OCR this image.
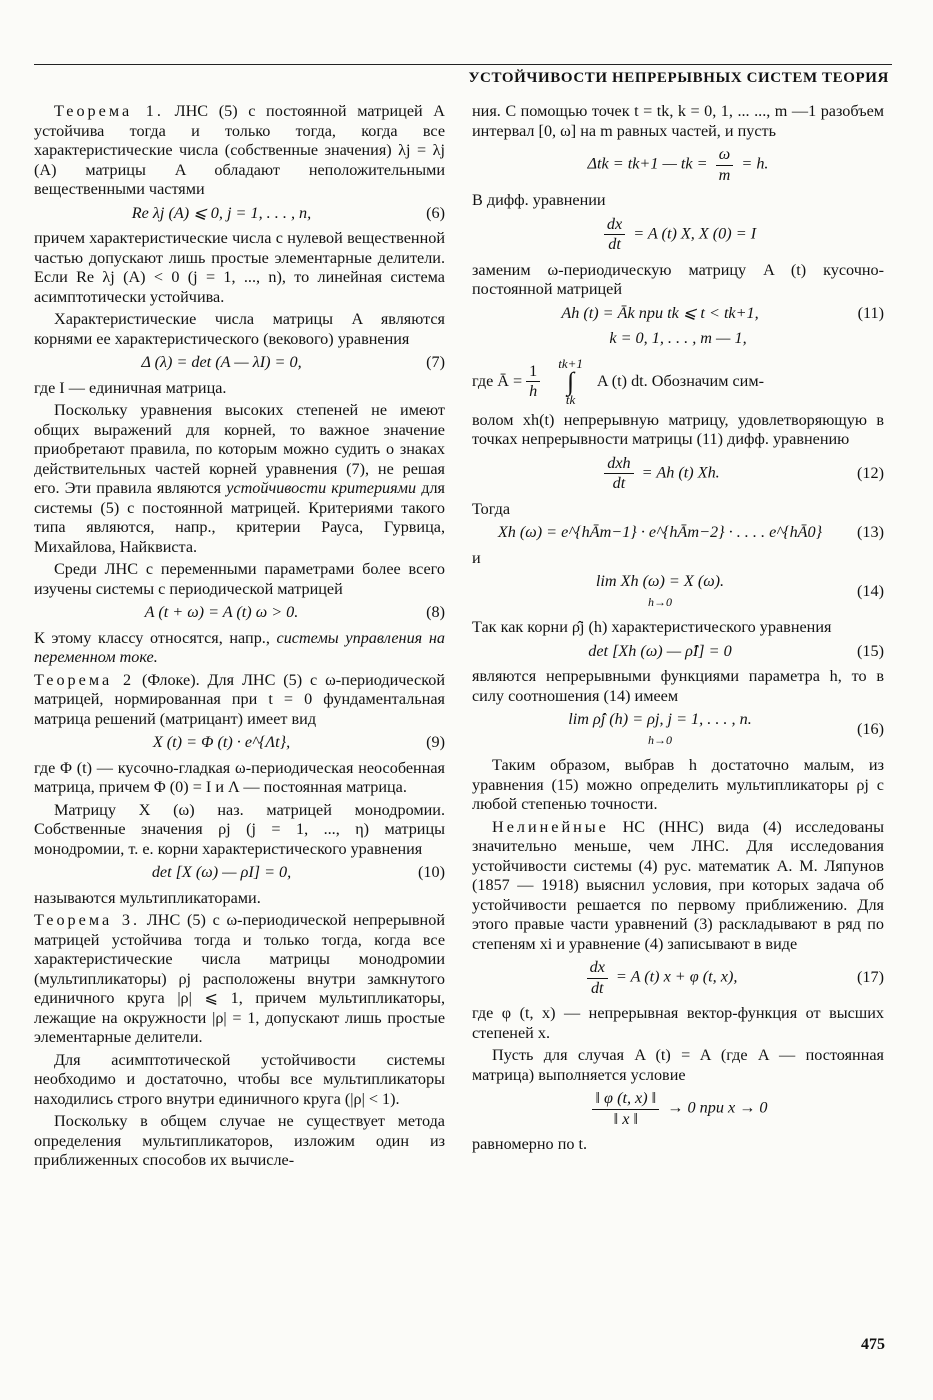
УСТОЙЧИВОСТИ НЕПРЕРЫВНЫХ СИСТЕМ ТЕОРИЯ

Теорема 1. ЛНС (5) с постоянной матрицей A устойчива тогда и только тогда, когда все характеристические числа (собственные значения) λj = λj (A) матрицы A обладают неположительными вещественными частями

Re λj (A) ⩽ 0, j = 1, . . . , n,	(6)

причем характеристические числа с нулевой вещественной частью допускают лишь простые элементарные делители. Если Re λj (A) < 0 (j = 1, ..., n), то линейная система асимптотически устойчива.

Характеристические числа матрицы A являются корнями ее характеристического (векового) уравнения

Δ (λ) = det (A — λI) = 0,	(7)

где I — единичная матрица.

Поскольку уравнения высоких степеней не имеют общих выражений для корней, то важное значение приобретают правила, по которым можно судить о знаках действительных частей корней уравнения (7), не решая его. Эти правила являются устойчивости критериями для системы (5) с постоянной матрицей. Критериями такого типа являются, напр., критерии Рауса, Гурвица, Михайлова, Найквиста.

Среди ЛНС с переменными параметрами более всего изучены системы с периодической матрицей

A (t + ω) = A (t) ω > 0.	(8)

К этому классу относятся, напр., системы управления на переменном токе.

Теорема 2 (Флоке). Для ЛНС (5) с ω-периодической матрицей, нормированная при t = 0 фундаментальная матрица решений (матрицант) имеет вид

X (t) = Φ (t) · e^{Λt},	(9)

где Φ (t) — кусочно-гладкая ω-периодическая неособенная матрица, причем Φ (0) = I и Λ — постоянная матрица.

Матрицу X (ω) наз. матрицей монодромии. Собственные значения ρj (j = 1, ..., η) матрицы монодромии, т. е. корни характеристического уравнения

det [X (ω) — ρI] = 0,	(10)

называются мультипликаторами.

Теорема 3. ЛНС (5) с ω-периодической непрерывной матрицей устойчива тогда и только тогда, когда все характеристические числа матрицы монодромии (мультипликаторы) ρj расположены внутри замкнутого единичного круга |ρ| ⩽ 1, причем мультипликаторы, лежащие на окружности |ρ| = 1, допускают лишь простые элементарные делители.

Для асимптотической устойчивости системы необходимо и достаточно, чтобы все мультипликаторы находились строго внутри единичного круга (|ρ| < 1).

Поскольку в общем случае не существует метода определения мультипликаторов, изложим один из приближенных способов их вычисле-

ния. С помощью точек t = tk, k = 0, 1, ... ..., m —1 разобъем интервал [0, ω] на m равных частей, и пусть

Δtk = tk+1 — tk = $\frac{\omega}{m} = h$.

В дифф. уравнении

$\frac{dx}{dt} = A$ (t) X, X (0) = I

заменим ω-периодическую матрицу A (t) кусочно-постоянной матрицей

Ah (t) = Āk при tk ⩽ t < tk+1,	(11)
k = 0, 1, . . . , m — 1,
где Ā = $\frac{1}{h} tk+1$
∫
tk
A (t) dt. Обозначим сим-

волом xh(t) непрерывную матрицу, удовлетворяющую в точках непрерывности матрицы (11) дифф. уравнению

$\frac{\text{dxh}}{dt} = Ah$ (t) Xh.	(12)

Тогда

Xh (ω) = e^{hĀm−1} · e^{hĀm−2} · . . . . e^{hĀ0}	(13)

и

lim Xh (ω) = X (ω).
h→0
(14)

Так как корни ρ̂j (h) характеристического уравнения

det [Xh (ω) — ρ̂I] = 0	(15)

являются непрерывными функциями параметра h, то в силу соотношения (14) имеем

lim ρ̂j (h) = ρj, j = 1, . . . , n.
h→0
(16)

Таким образом, выбрав h достаточно малым, из уравнения (15) можно определить мультипликаторы ρj с любой степенью точности.

Нелинейные НС (ННС) вида (4) исследованы значительно меньше, чем ЛНС. Для исследования устойчивости системы (4) рус. математик А. М. Ляпунов (1857 — 1918) выяснил условия, при которых задача об устойчивости решается по первому приближению. Для этого правые части уравнений (3) раскладывают в ряд по степеням xi и уравнение (4) записывают в виде

$\frac{dx}{dt} = A$ (t) x + φ (t, x),	(17)

где φ (t, x) — непрерывная вектор-функция от высших степеней x.

Пусть для случая A (t) = A (где A — постоянная матрица) выполняется условие

$\frac{‖ \varphi (t, x) ‖}{‖ x ‖} \to 0$ при x → 0

равномерно по t.

475
